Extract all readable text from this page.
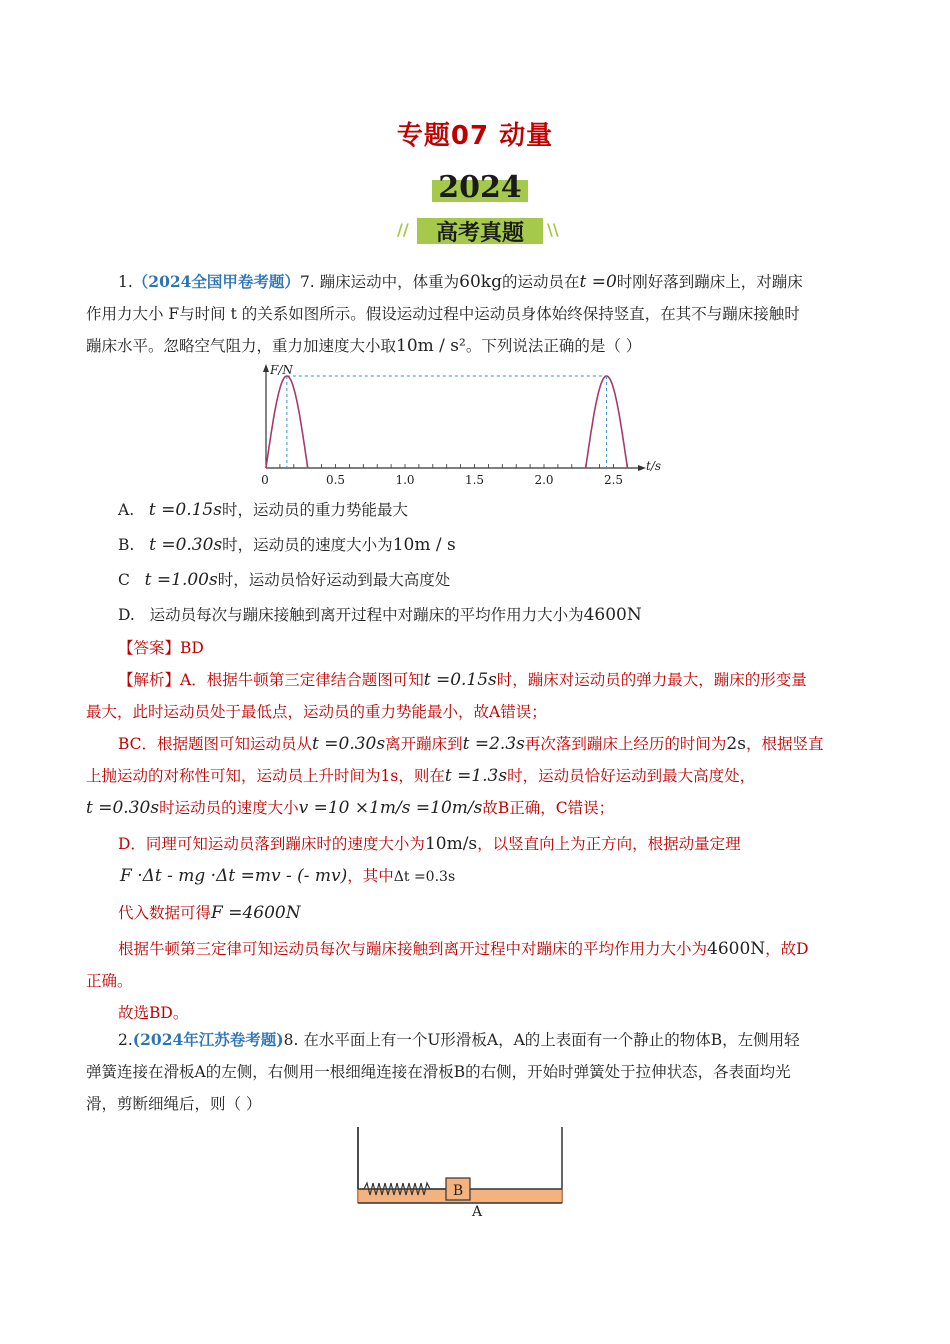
专题07 动量
2024
//	高考真题	\\
1.（2024全国甲卷考题）7. 蹦床运动中，体重为60kg的运动员在t =0时刚好落到蹦床上，对蹦床
作用力大小 F与时间 t 的关系如图所示。假设运动过程中运动员身体始终保持竖直，在其不与蹦床接触时
蹦床水平。忽略空气阻力，重力加速度大小取10m / s²。下列说法正确的是（ ）
0	0.5	1.0	1.5	2.0	2.5
F/N
t/s
A. t =0.15s时，运动员的重力势能最大
B. t =0.30s时，运动员的速度大小为10m / s
C t =1.00s时，运动员恰好运动到最大高度处
D. 运动员每次与蹦床接触到离开过程中对蹦床的平均作用力大小为4600N
【答案】BD
【解析】A．根据牛顿第三定律结合题图可知t =0.15s时，蹦床对运动员的弹力最大，蹦床的形变量
最大，此时运动员处于最低点，运动员的重力势能最小，故A错误；
BC．根据题图可知运动员从t =0.30s离开蹦床到t =2.3s再次落到蹦床上经历的时间为2s，根据竖直
上抛运动的对称性可知，运动员上升时间为1s，则在t =1.3s时，运动员恰好运动到最大高度处，
t =0.30s时运动员的速度大小v =10 ×1m/s =10m/s故B正确，C错误；
D．同理可知运动员落到蹦床时的速度大小为10m/s，以竖直向上为正方向，根据动量定理
F ·Δt - mg ·Δt =mv - (- mv)，其中Δt =0.3s
代入数据可得F =4600N
根据牛顿第三定律可知运动员每次与蹦床接触到离开过程中对蹦床的平均作用力大小为4600N，故D
正确。
故选BD。
2.(2024年江苏卷考题)8. 在水平面上有一个U形滑板A，A的上表面有一个静止的物体B，左侧用轻
弹簧连接在滑板A的左侧，右侧用一根细绳连接在滑板B的右侧，开始时弹簧处于拉伸状态，各表面均光
滑，剪断细绳后，则（ ）
B
A
